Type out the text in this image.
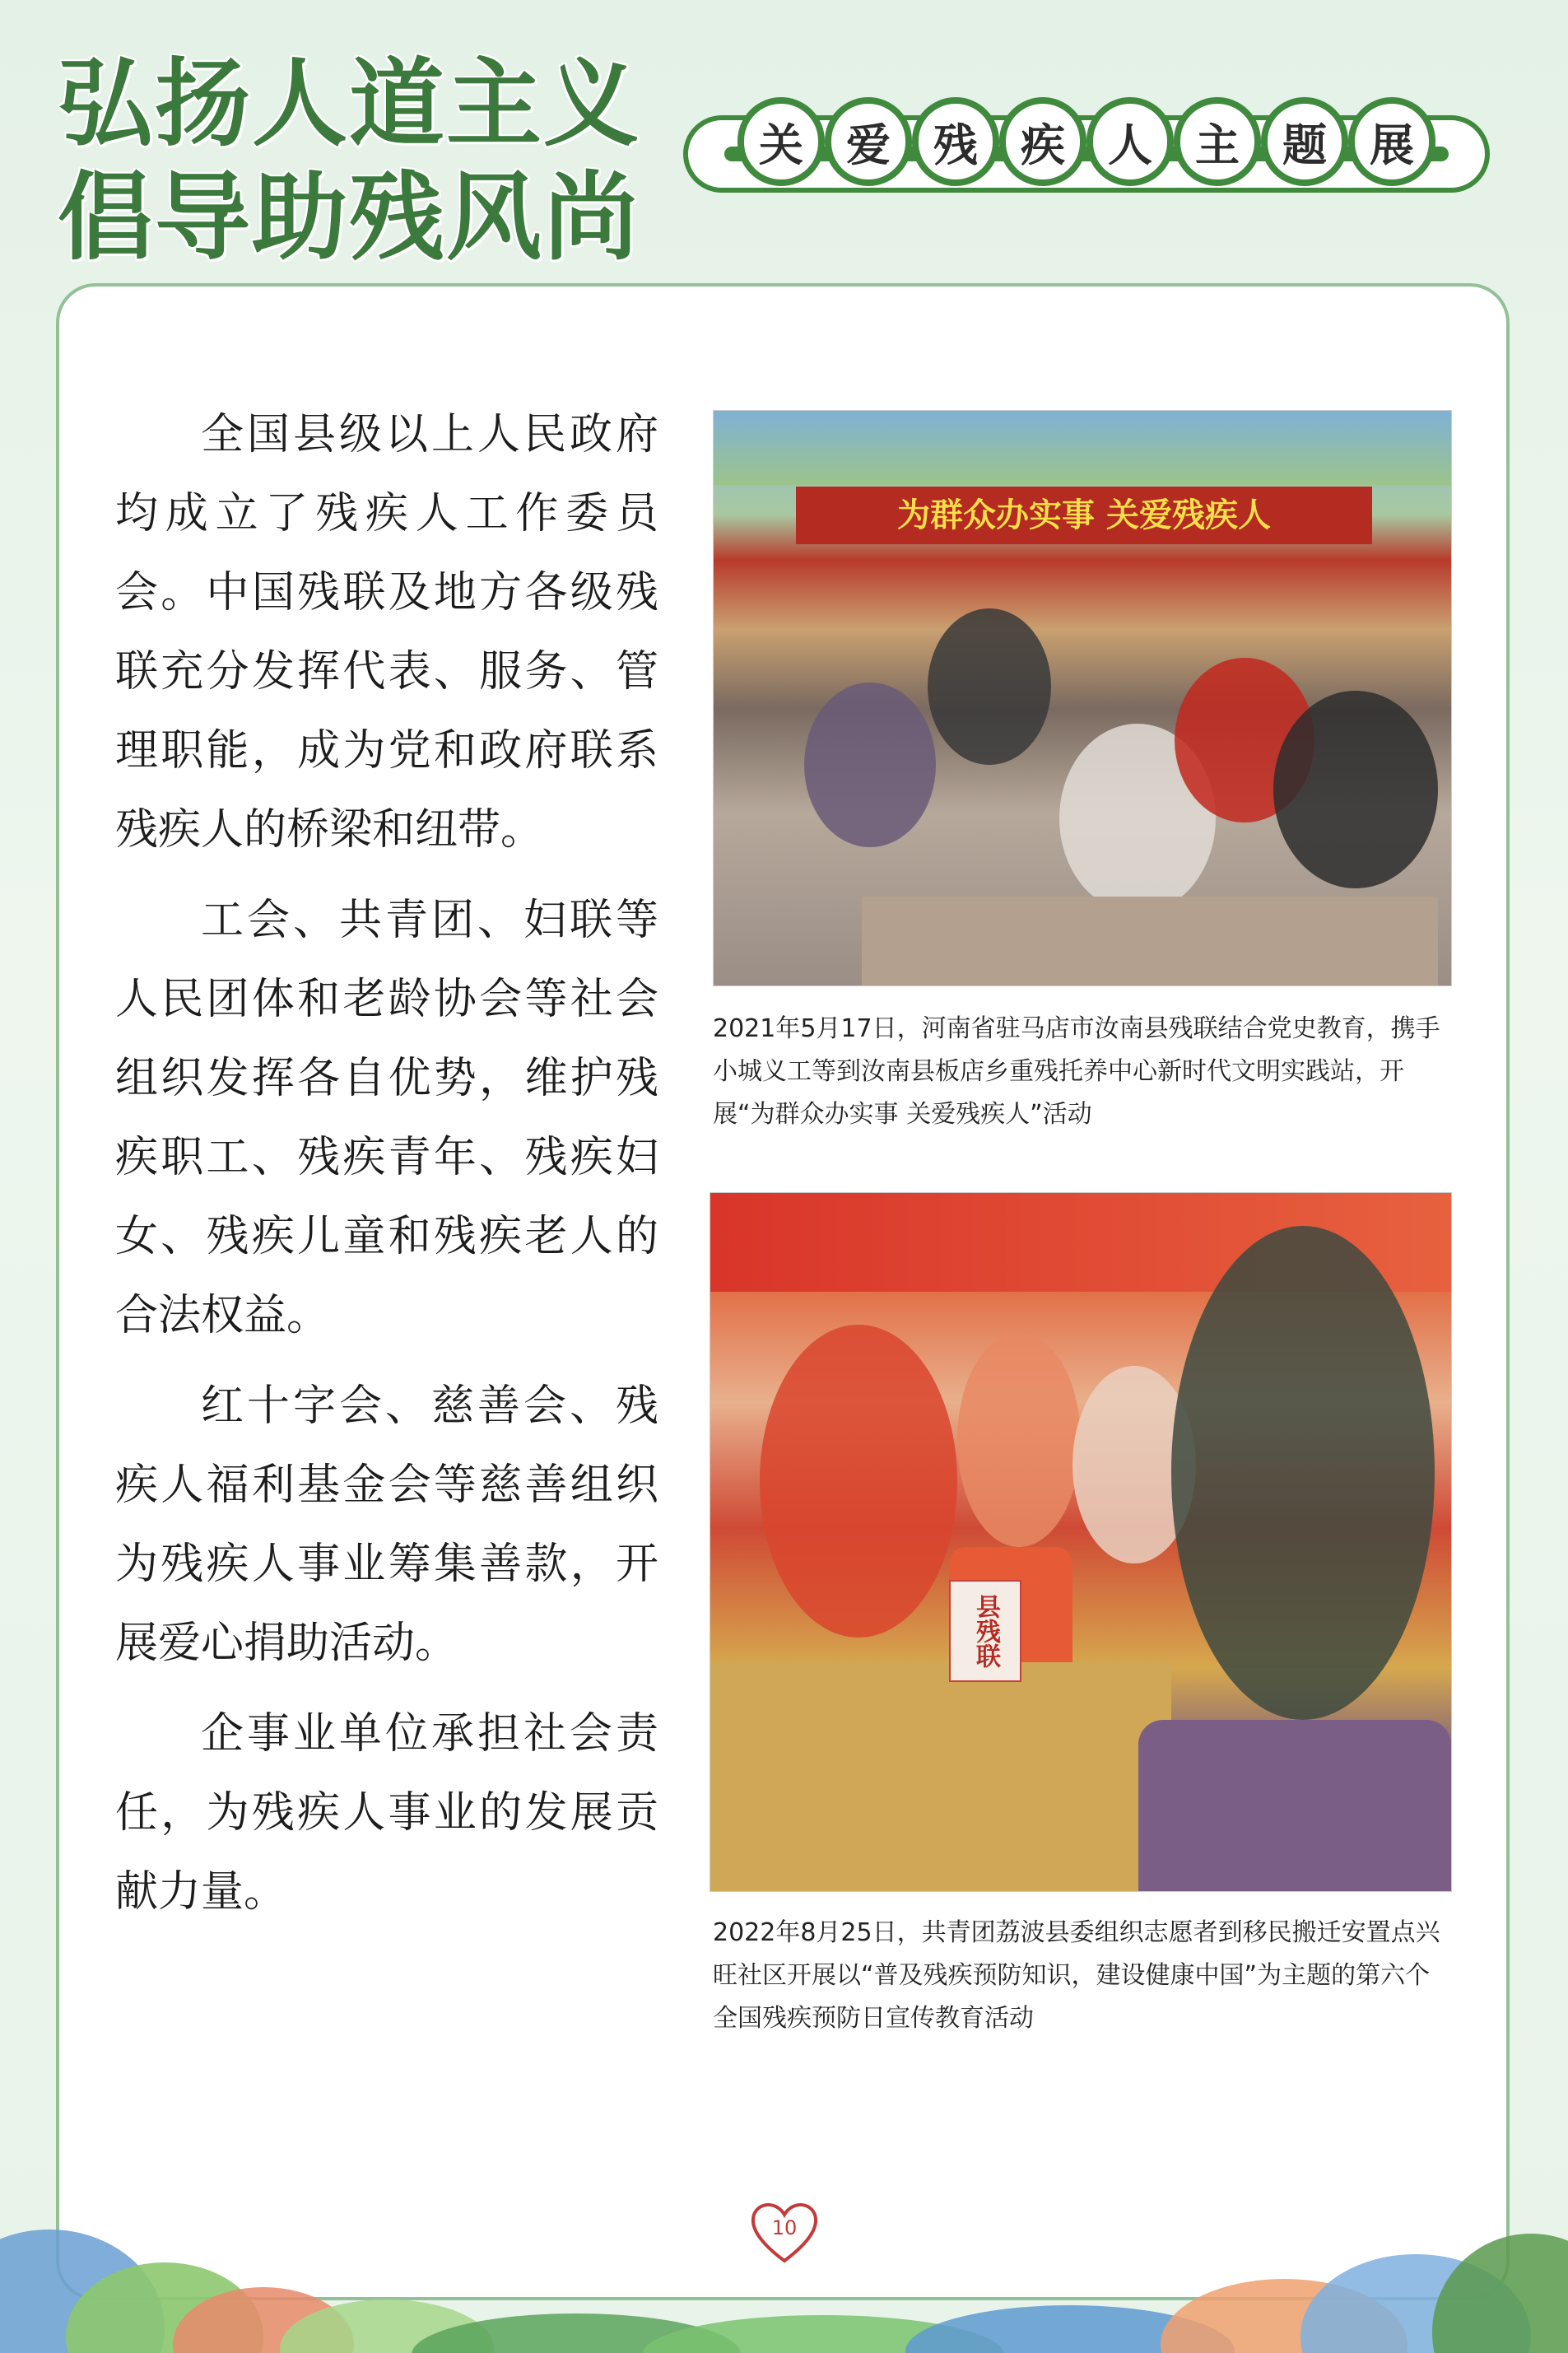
弘扬人道主义
倡导助残风尚
关 爱 残 疾 人 主 题 展

全国县级以上人民政府均成立了残疾人工作委员会。中国残联及地方各级残联充分发挥代表、服务、管理职能，成为党和政府联系残疾人的桥梁和纽带。

工会、共青团、妇联等人民团体和老龄协会等社会组织发挥各自优势，维护残疾职工、残疾青年、残疾妇女、残疾儿童和残疾老人的合法权益。

红十字会、慈善会、残疾人福利基金会等慈善组织为残疾人事业筹集善款，开展爱心捐助活动。

企事业单位承担社会责任，为残疾人事业的发展贡献力量。

为群众办实事 关爱残疾人
2021年5月17日，河南省驻马店市汝南县残联结合党史教育，携手小城义工等到汝南县板店乡重残托养中心新时代文明实践站，开展“为群众办实事 关爱残疾人”活动
县残联
2022年8月25日，共青团荔波县委组织志愿者到移民搬迁安置点兴旺社区开展以“普及残疾预防知识，建设健康中国”为主题的第六个全国残疾预防日宣传教育活动
10
